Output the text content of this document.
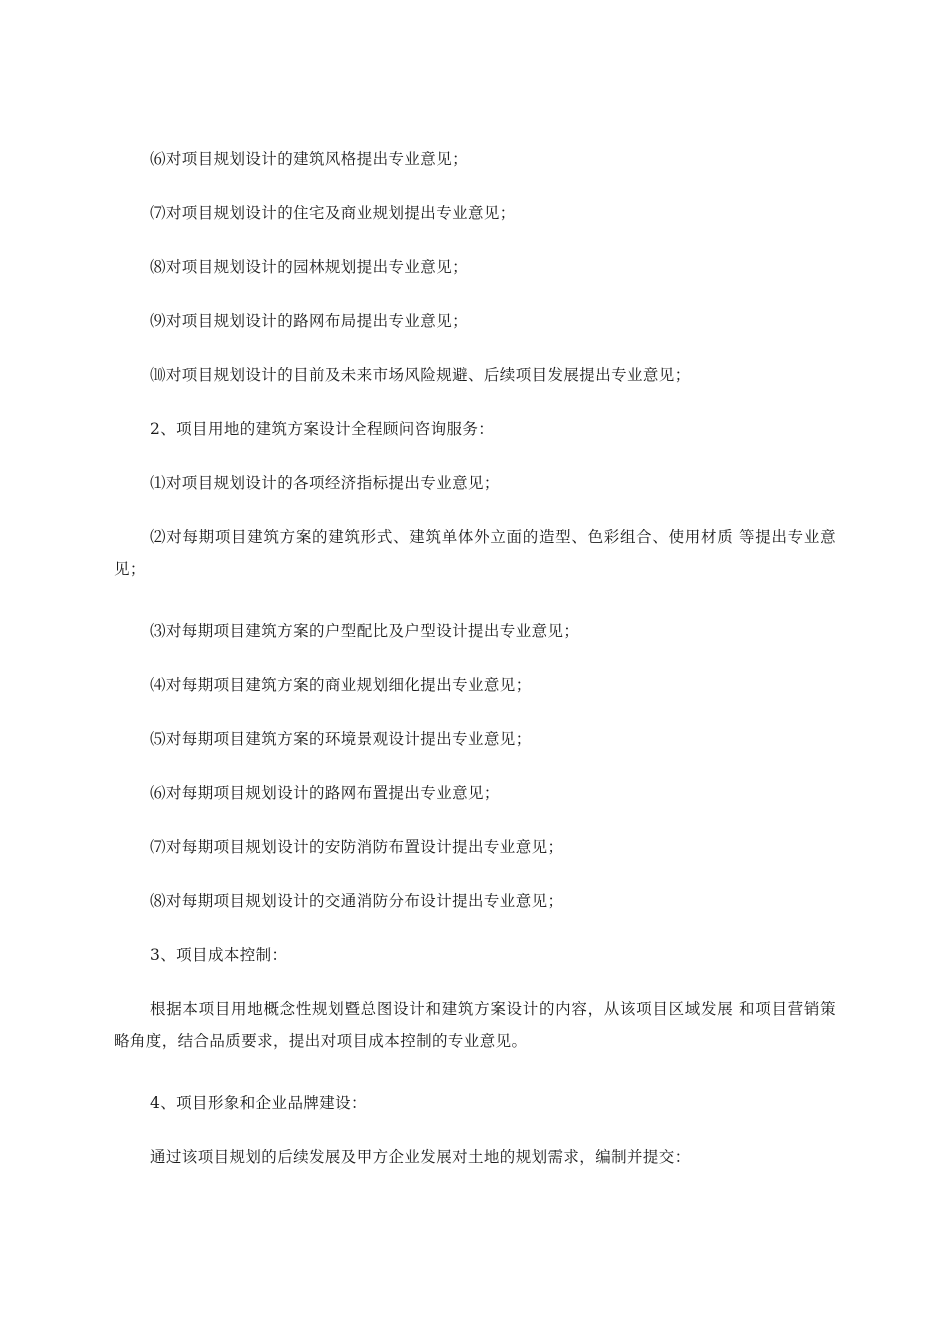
⑹对项目规划设计的建筑风格提出专业意见；

⑺对项目规划设计的住宅及商业规划提出专业意见；

⑻对项目规划设计的园林规划提出专业意见；

⑼对项目规划设计的路网布局提出专业意见；

⑽对项目规划设计的目前及未来市场风险规避、后续项目发展提出专业意见；

2、项目用地的建筑方案设计全程顾问咨询服务：

⑴对项目规划设计的各项经济指标提出专业意见；

⑵对每期项目建筑方案的建筑形式、建筑单体外立面的造型、色彩组合、使用材质 等提出专业意见；

⑶对每期项目建筑方案的户型配比及户型设计提出专业意见；

⑷对每期项目建筑方案的商业规划细化提出专业意见；

⑸对每期项目建筑方案的环境景观设计提出专业意见；

⑹对每期项目规划设计的路网布置提出专业意见；

⑺对每期项目规划设计的安防消防布置设计提出专业意见；

⑻对每期项目规划设计的交通消防分布设计提出专业意见；

3、项目成本控制：

根据本项目用地概念性规划暨总图设计和建筑方案设计的内容，从该项目区域发展 和项目营销策略角度，结合品质要求，提出对项目成本控制的专业意见。

4、项目形象和企业品牌建设：

通过该项目规划的后续发展及甲方企业发展对土地的规划需求，编制并提交：
